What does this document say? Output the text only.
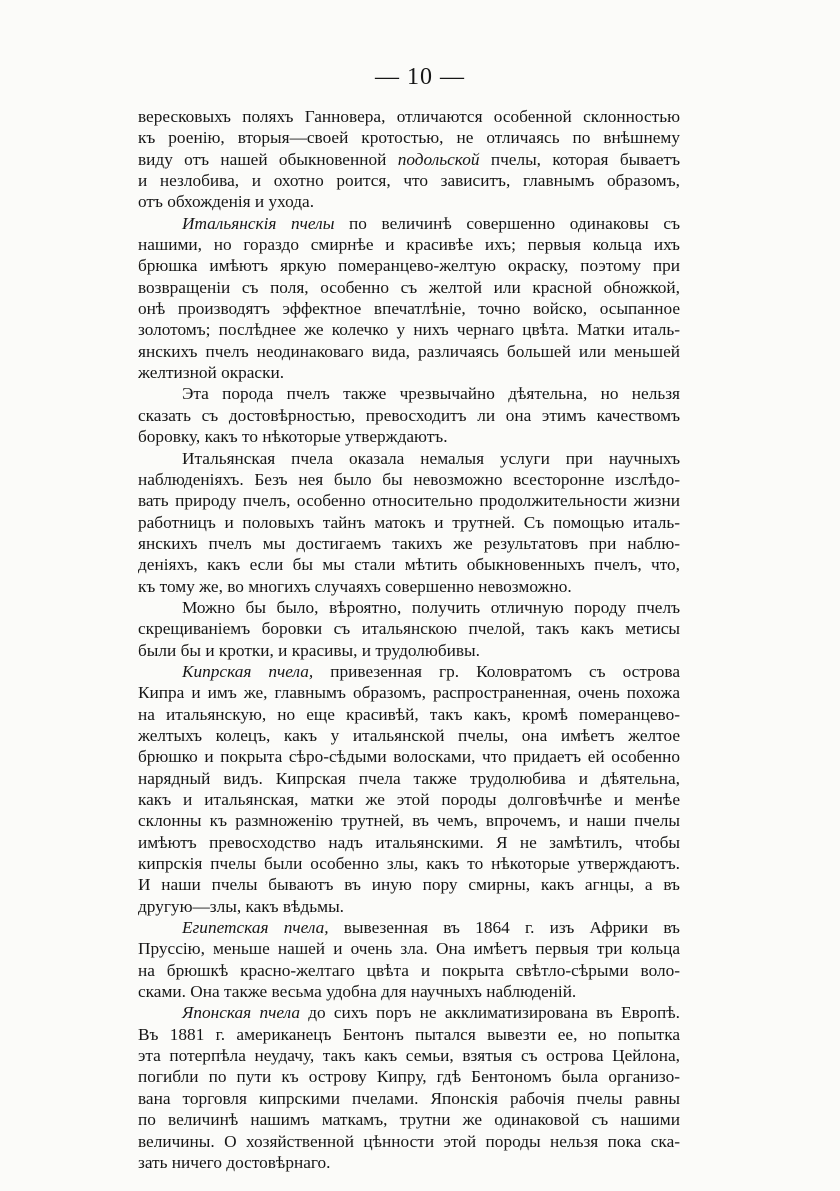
— 10 —
вересковыхъ поляхъ Ганновера, отличаются особенной склонностью
къ роенію, вторыя—своей кротостью, не отличаясь по внѣшнему
виду отъ нашей обыкновенной подольской пчелы, которая бываетъ
и незлобива, и охотно роится, что зависитъ, главнымъ образомъ,
отъ обхожденія и ухода.
Итальянскія пчелы по величинѣ совершенно одинаковы съ
нашими, но гораздо смирнѣе и красивѣе ихъ; первыя кольца ихъ
брюшка имѣютъ яркую померанцево-желтую окраску, поэтому при
возвращеніи съ поля, особенно съ желтой или красной обножкой,
онѣ производятъ эффектное впечатлѣніе, точно войско, осыпанное
золотомъ; послѣднее же колечко у нихъ чернаго цвѣта. Матки италь-
янскихъ пчелъ неодинаковаго вида, различаясь большей или меньшей
желтизной окраски.
Эта порода пчелъ также чрезвычайно дѣятельна, но нельзя
сказать съ достовѣрностью, превосходитъ ли она этимъ качествомъ
боровку, какъ то нѣкоторые утверждаютъ.
Итальянская пчела оказала немалыя услуги при научныхъ
наблюденіяхъ. Безъ нея было бы невозможно всесторонне изслѣдо-
вать природу пчелъ, особенно относительно продолжительности жизни
работницъ и половыхъ тайнъ матокъ и трутней. Съ помощью италь-
янскихъ пчелъ мы достигаемъ такихъ же результатовъ при наблю-
деніяхъ, какъ если бы мы стали мѣтить обыкновенныхъ пчелъ, что,
къ тому же, во многихъ случаяхъ совершенно невозможно.
Можно бы было, вѣроятно, получить отличную породу пчелъ
скрещиваніемъ боровки съ итальянскою пчелой, такъ какъ метисы
были бы и кротки, и красивы, и трудолюбивы.
Кипрская пчела, привезенная гр. Коловратомъ съ острова
Кипра и имъ же, главнымъ образомъ, распространенная, очень похожа
на итальянскую, но еще красивѣй, такъ какъ, кромѣ померанцево-
желтыхъ колецъ, какъ у итальянской пчелы, она имѣетъ желтое
брюшко и покрыта сѣро-сѣдыми волосками, что придаетъ ей особенно
нарядный видъ. Кипрская пчела также трудолюбива и дѣятельна,
какъ и итальянская, матки же этой породы долговѣчнѣе и менѣе
склонны къ размноженію трутней, въ чемъ, впрочемъ, и наши пчелы
имѣютъ превосходство надъ итальянскими. Я не замѣтилъ, чтобы
кипрскія пчелы были особенно злы, какъ то нѣкоторые утверждаютъ.
И наши пчелы бываютъ въ иную пору смирны, какъ агнцы, а въ
другую—злы, какъ вѣдьмы.
Египетская пчела, вывезенная въ 1864 г. изъ Африки въ
Пруссію, меньше нашей и очень зла. Она имѣетъ первыя три кольца
на брюшкѣ красно-желтаго цвѣта и покрыта свѣтло-сѣрыми воло-
сками. Она также весьма удобна для научныхъ наблюденій.
Японская пчела до сихъ поръ не акклиматизирована въ Европѣ.
Въ 1881 г. американецъ Бентонъ пытался вывезти ее, но попытка
эта потерпѣла неудачу, такъ какъ семьи, взятыя съ острова Цейлона,
погибли по пути къ острову Кипру, гдѣ Бентономъ была организо-
вана торговля кипрскими пчелами. Японскія рабочія пчелы равны
по величинѣ нашимъ маткамъ, трутни же одинаковой съ нашими
величины. О хозяйственной цѣнности этой породы нельзя пока ска-
зать ничего достовѣрнаго.
